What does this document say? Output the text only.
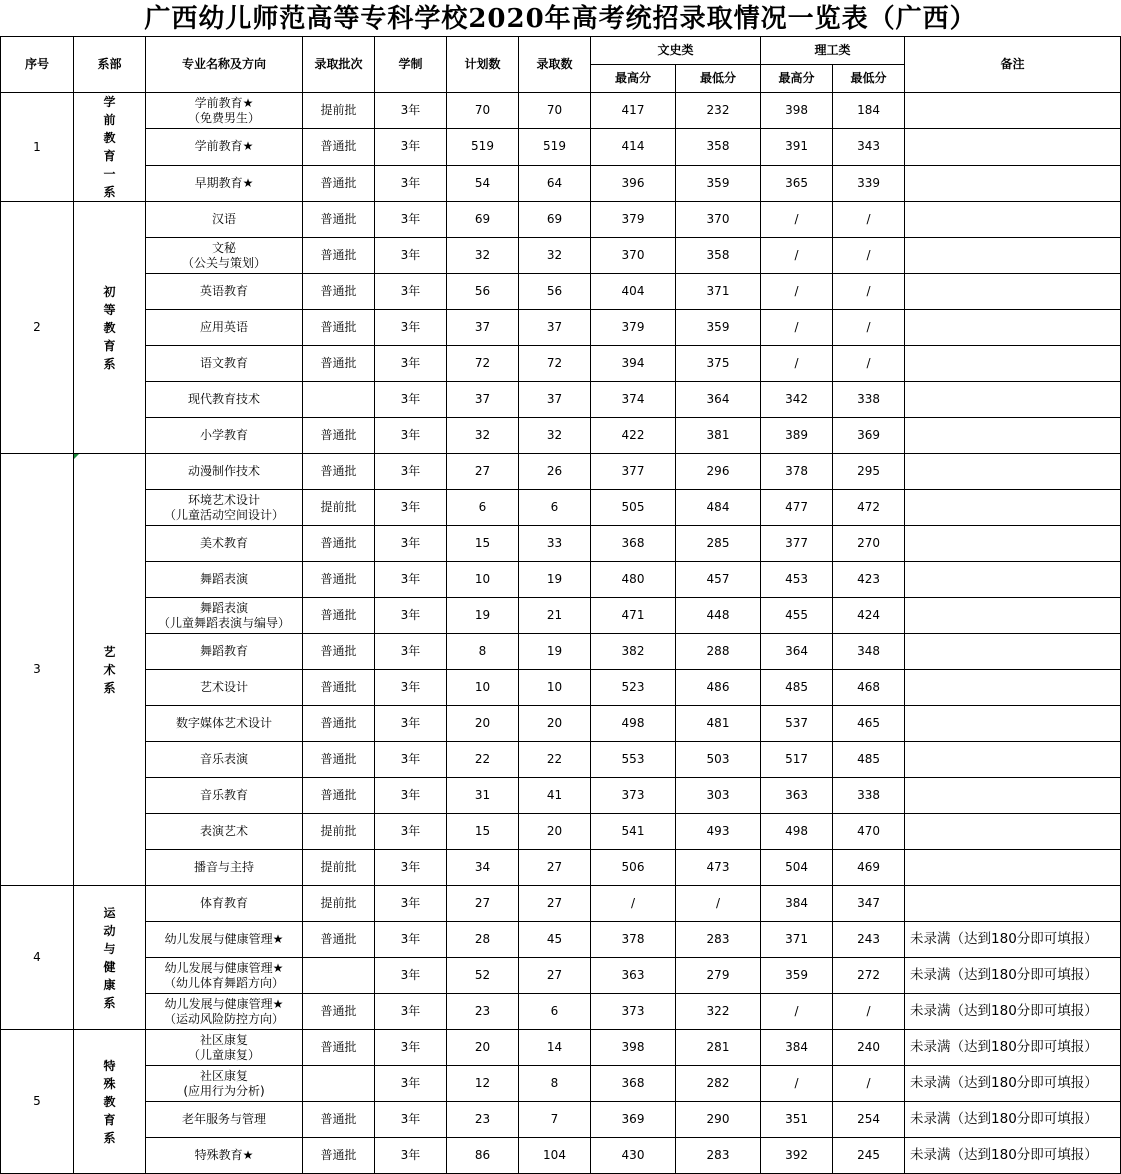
广西幼儿师范高等专科学校2020年高考统招录取情况一览表（广西）
序号	系部	专业名称及方向	录取批次	学制	计划数	录取数	文史类		理工类		备注
							最高分	最低分	最高分	最低分	
1	学前教育一系	学前教育★
（免费男生）	提前批	3年	70	70	417	232	398	184	

		学前教育★	普通批	3年	519	519	414	358	391	343	

		早期教育★	普通批	3年	54	64	396	359	365	339	
2	初等教育系	汉语	普通批	3年	69	69	379	370	/	/	

		文秘
（公关与策划）	普通批	3年	32	32	370	358	/	/	

		英语教育	普通批	3年	56	56	404	371	/	/	

		应用英语	普通批	3年	37	37	379	359	/	/	

		语文教育	普通批	3年	72	72	394	375	/	/	

		现代教育技术		3年	37	37	374	364	342	338	

		小学教育	普通批	3年	32	32	422	381	389	369	
3	艺术系	动漫制作技术	普通批	3年	27	26	377	296	378	295	

		环境艺术设计
（儿童活动空间设计）	提前批	3年	6	6	505	484	477	472	

		美术教育	普通批	3年	15	33	368	285	377	270	

		舞蹈表演	普通批	3年	10	19	480	457	453	423	

		舞蹈表演
（儿童舞蹈表演与编导）	普通批	3年	19	21	471	448	455	424	

		舞蹈教育	普通批	3年	8	19	382	288	364	348	

		艺术设计	普通批	3年	10	10	523	486	485	468	

		数字媒体艺术设计	普通批	3年	20	20	498	481	537	465	

		音乐表演	普通批	3年	22	22	553	503	517	485	

		音乐教育	普通批	3年	31	41	373	303	363	338	

		表演艺术	提前批	3年	15	20	541	493	498	470	

		播音与主持	提前批	3年	34	27	506	473	504	469	
4	运动与健康系	体育教育	提前批	3年	27	27	/	/	384	347	

		幼儿发展与健康管理★	普通批	3年	28	45	378	283	371	243	未录满（达到180分即可填报）

		幼儿发展与健康管理★
（幼儿体育舞蹈方向）		3年	52	27	363	279	359	272	未录满（达到180分即可填报）

		幼儿发展与健康管理★
（运动风险防控方向）	普通批	3年	23	6	373	322	/	/	未录满（达到180分即可填报）
5	特殊教育系	社区康复
（儿童康复）	普通批	3年	20	14	398	281	384	240	未录满（达到180分即可填报）

		社区康复
(应用行为分析)		3年	12	8	368	282	/	/	未录满（达到180分即可填报）

		老年服务与管理	普通批	3年	23	7	369	290	351	254	未录满（达到180分即可填报）

		特殊教育★	普通批	3年	86	104	430	283	392	245	未录满（达到180分即可填报）
